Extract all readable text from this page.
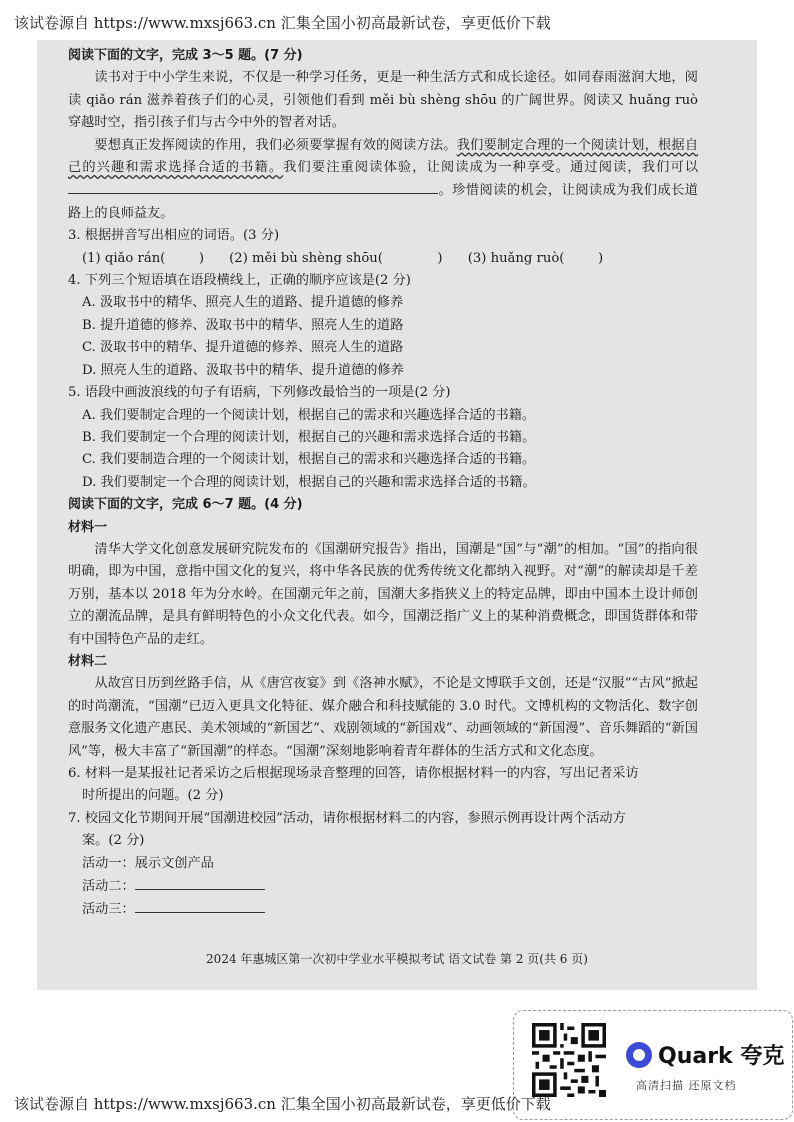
该试卷源自 https://www.mxsj663.cn 汇集全国小初高最新试卷，享更低价下载

阅读下面的文字，完成 3～5 题。(7 分)

读书对于中小学生来说，不仅是一种学习任务，更是一种生活方式和成长途径。如同春雨滋润大地，阅读 qiǎo rán 滋养着孩子们的心灵，引领他们看到 měi bù shèng shōu 的广阔世界。阅读又 huǎng ruò 穿越时空，指引孩子们与古今中外的智者对话。

要想真正发挥阅读的作用，我们必须要掌握有效的阅读方法。我们要制定合理的一个阅读计划，根据自己的兴趣和需求选择合适的书籍。我们要注重阅读体验，让阅读成为一种享受。通过阅读，我们可以。珍惜阅读的机会，让阅读成为我们成长道路上的良师益友。

3. 根据拼音写出相应的词语。(3 分)

(1) qiǎo rán(        )      (2) měi bù shèng shōu(             )      (3) huǎng ruò(        )

4. 下列三个短语填在语段横线上，正确的顺序应该是(2 分)

A. 汲取书中的精华、照亮人生的道路、提升道德的修养

B. 提升道德的修养、汲取书中的精华、照亮人生的道路

C. 汲取书中的精华、提升道德的修养、照亮人生的道路

D. 照亮人生的道路、汲取书中的精华、提升道德的修养

5. 语段中画波浪线的句子有语病，下列修改最恰当的一项是(2 分)

A. 我们要制定合理的一个阅读计划，根据自己的需求和兴趣选择合适的书籍。

B. 我们要制定一个合理的阅读计划，根据自己的兴趣和需求选择合适的书籍。

C. 我们要制造合理的一个阅读计划，根据自己的需求和兴趣选择合适的书籍。

D. 我们要制定一个合理的阅读计划，根据自己的兴趣和需求选择合适的书籍。

阅读下面的文字，完成 6～7 题。(4 分)

材料一

清华大学文化创意发展研究院发布的《国潮研究报告》指出，国潮是“国”与“潮”的相加。“国”的指向很明确，即为中国，意指中国文化的复兴，将中华各民族的优秀传统文化都纳入视野。对“潮”的解读却是千差万别，基本以 2018 年为分水岭。在国潮元年之前，国潮大多指狭义上的特定品牌，即由中国本土设计师创立的潮流品牌，是具有鲜明特色的小众文化代表。如今，国潮泛指广义上的某种消费概念，即国货群体和带有中国特色产品的走红。

材料二

从故宫日历到丝路手信，从《唐宫夜宴》到《洛神水赋》，不论是文博联手文创，还是“汉服”“古风”掀起的时尚潮流，“国潮”已迈入更具文化特征、媒介融合和科技赋能的 3.0 时代。文博机构的文物活化、数字创意服务文化遗产惠民、美术领域的“新国艺”、戏剧领域的“新国戏”、动画领域的“新国漫”、音乐舞蹈的“新国风”等，极大丰富了“新国潮”的样态。“国潮”深刻地影响着青年群体的生活方式和文化态度。

6. 材料一是某报社记者采访之后根据现场录音整理的回答，请你根据材料一的内容，写出记者采访

时所提出的问题。(2 分)

7. 校园文化节期间开展“国潮进校园”活动，请你根据材料二的内容，参照示例再设计两个活动方

案。(2 分)

活动一：展示文创产品

活动二：

活动三：

2024 年惠城区第一次初中学业水平模拟考试 语文试卷 第 2 页(共 6 页)
Quark 夸克
高清扫描 还原文档
该试卷源自 https://www.mxsj663.cn 汇集全国小初高最新试卷，享更低价下载
